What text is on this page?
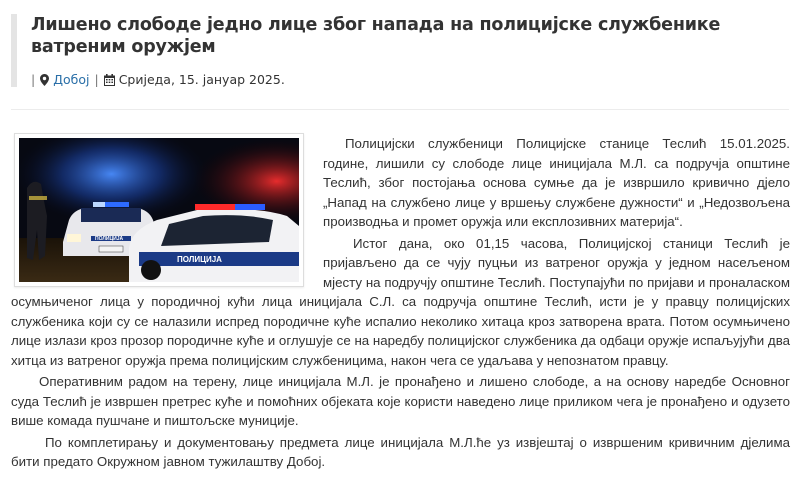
Лишено слободе једно лице због напада на полицијске службенике ватреним оружјем
| Добој | Сриједа, 15. јануар 2025.
ПОЛИЦИЈА
ПОЛИЦИЈА

Полицијски службеници Полицијске станице Теслић 15.01.2025. године, лишили су слободе лице иницијала М.Л. са подручја општине Теслић, због постојања основа сумње да је извршило кривично дјело „Напад на службено лице у вршењу службене дужности“ и „Недозвољена производња и промет оружја или експлозивних материја“.

Истог дана, око 01,15 часова, Полицијској станици Теслић је пријављено да се чују пуцњи из ватреног оружја у једном насељеном мјесту на подручју општине Теслић. Поступајући по пријави и проналаском осумњиченог лица у породичној кући лица иницијала С.Л. са подручја општине Теслић, исти је у правцу полицијских службеника који су се налазили испред породичне куће испалио неколико хитаца кроз затворена врата. Потом осумњичено лице излази кроз прозор породичне куће и оглушује се на наредбу полицијског службеника да одбаци оружје испаљујући два хитца из ватреног оружја према полицијским службеницима, након чега се удаљава у непознатом правцу.

Оперативним радом на терену, лице иницијала М.Л. је пронађено и лишено слободе, а на основу наредбе Основног суда Теслић је извршен претрес куће и помоћних објеката које користи наведено лице приликом чега је пронађено и одузето више комада пушчане и пиштољске муниције.

По комплетирању и документовању предмета лице иницијала М.Л.ће уз извјештај о извршеним кривичним дјелима бити предато Окружном јавном тужилаштву Добој.
